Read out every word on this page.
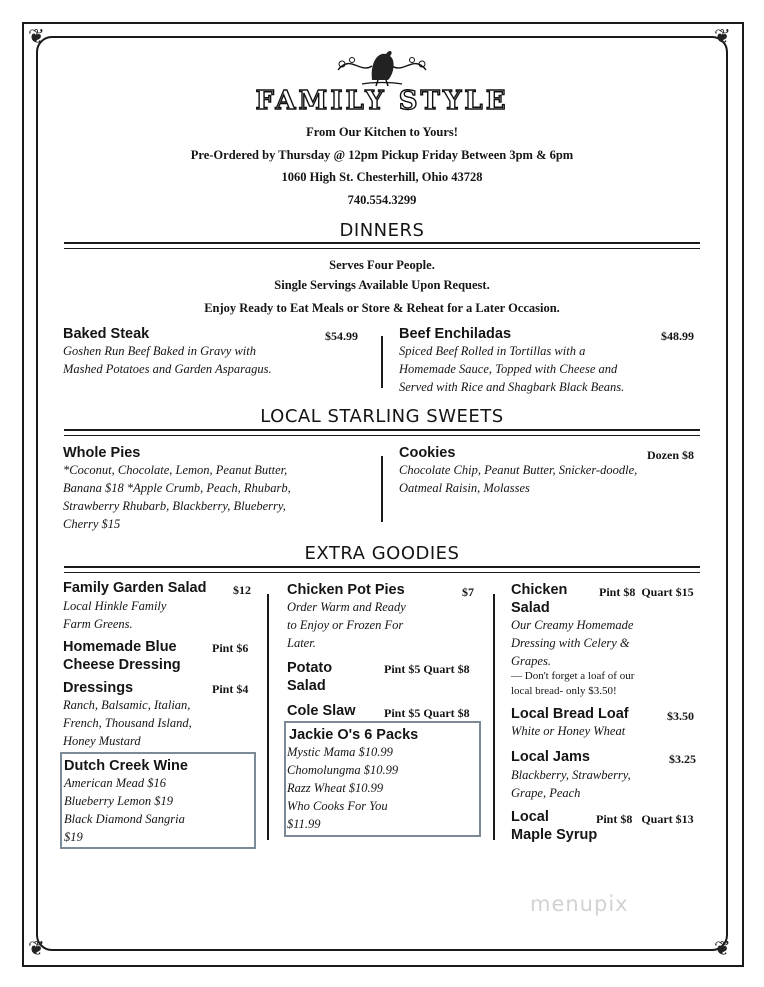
❦	❦
❦	❦
FAMILY STYLE
From Our Kitchen to Yours!
Pre-Ordered by Thursday @ 12pm Pickup Friday Between 3pm & 6pm
1060 High St. Chesterhill, Ohio 43728
740.554.3299
DINNERS
Serves Four People.
Single Servings Available Upon Request.
Enjoy Ready to Eat Meals or Store & Reheat for a Later Occasion.
Baked Steak	$54.99
Goshen Run Beef Baked in Gravy with
Mashed Potatoes and Garden Asparagus.
Beef Enchiladas	$48.99
Spiced Beef Rolled in Tortillas with a
Homemade Sauce, Topped with Cheese and
Served with Rice and Shagbark Black Beans.
LOCAL STARLING SWEETS
Whole Pies
*Coconut, Chocolate, Lemon, Peanut Butter,
Banana $18 *Apple Crumb, Peach, Rhubarb,
Strawberry Rhubarb, Blackberry, Blueberry,
Cherry $15
Cookies	Dozen $8
Chocolate Chip, Peanut Butter, Snicker-doodle,
Oatmeal Raisin, Molasses
EXTRA GOODIES
Family Garden Salad $12
Local Hinkle Family
Farm Greens.
Homemade Blue
Cheese Dressing
Pint $6
Dressings	Pint $4
Ranch, Balsamic, Italian,
French, Thousand Island,
Honey Mustard
Dutch Creek Wine
American Mead $16
Blueberry Lemon $19
Black Diamond Sangria
$19
Chicken Pot Pies	$7
Order Warm and Ready
to Enjoy or Frozen For
Later.
Potato
Salad
Pint $5 Quart $8
Cole Slaw Pint $5 Quart $8
Jackie O's 6 Packs
Mystic Mama $10.99
Chomolungma $10.99
Razz Wheat $10.99
Who Cooks For You
$11.99
Chicken
Salad
Pint $8  Quart $15
Our Creamy Homemade
Dressing with Celery &
Grapes.
— Don't forget a loaf of our
local bread- only $3.50!
Local Bread Loaf	$3.50
White or Honey Wheat
Local Jams	$3.25
Blackberry, Strawberry,
Grape, Peach
Local
Maple Syrup
Pint $8   Quart $13
menupix
